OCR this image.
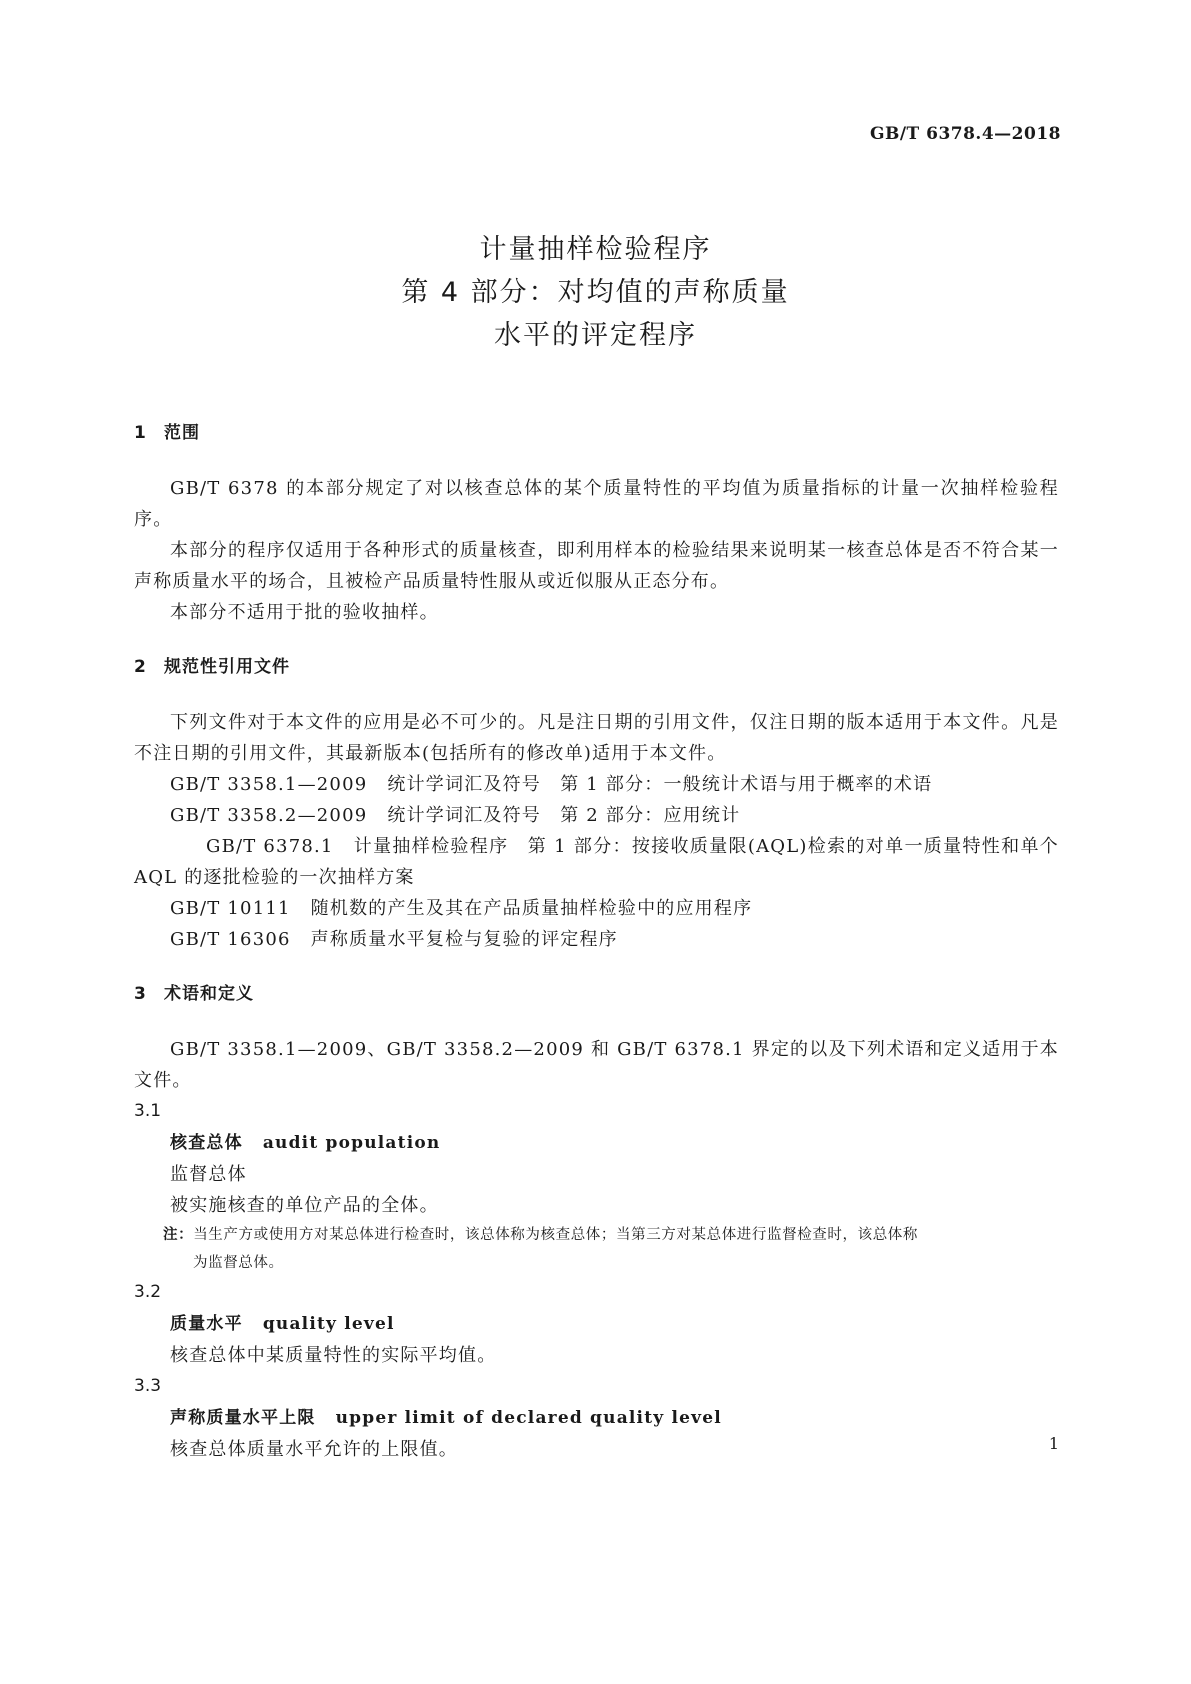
GB/T 6378.4—2018
计量抽样检验程序
第 4 部分：对均值的声称质量
水平的评定程序
1 范围

GB/T 6378 的本部分规定了对以核查总体的某个质量特性的平均值为质量指标的计量一次抽样检验程序。

本部分的程序仅适用于各种形式的质量核查，即利用样本的检验结果来说明某一核查总体是否不符合某一声称质量水平的场合，且被检产品质量特性服从或近似服从正态分布。

本部分不适用于批的验收抽样。

2 规范性引用文件

下列文件对于本文件的应用是必不可少的。凡是注日期的引用文件，仅注日期的版本适用于本文件。凡是不注日期的引用文件，其最新版本(包括所有的修改单)适用于本文件。

GB/T 3358.1—2009 统计学词汇及符号　第 1 部分：一般统计术语与用于概率的术语

GB/T 3358.2—2009 统计学词汇及符号　第 2 部分：应用统计

GB/T 6378.1 计量抽样检验程序　第 1 部分：按接收质量限(AQL)检索的对单一质量特性和单个 AQL 的逐批检验的一次抽样方案

GB/T 10111 随机数的产生及其在产品质量抽样检验中的应用程序

GB/T 16306 声称质量水平复检与复验的评定程序

3 术语和定义

GB/T 3358.1—2009、GB/T 3358.2—2009 和 GB/T 6378.1 界定的以及下列术语和定义适用于本文件。

3.1

核查总体 audit population

监督总体

被实施核查的单位产品的全体。

注：当生产方或使用方对某总体进行检查时，该总体称为核查总体；当第三方对某总体进行监督检查时，该总体称

为监督总体。

3.2

质量水平 quality level

核查总体中某质量特性的实际平均值。

3.3

声称质量水平上限 upper limit of declared quality level

核查总体质量水平允许的上限值。	1
